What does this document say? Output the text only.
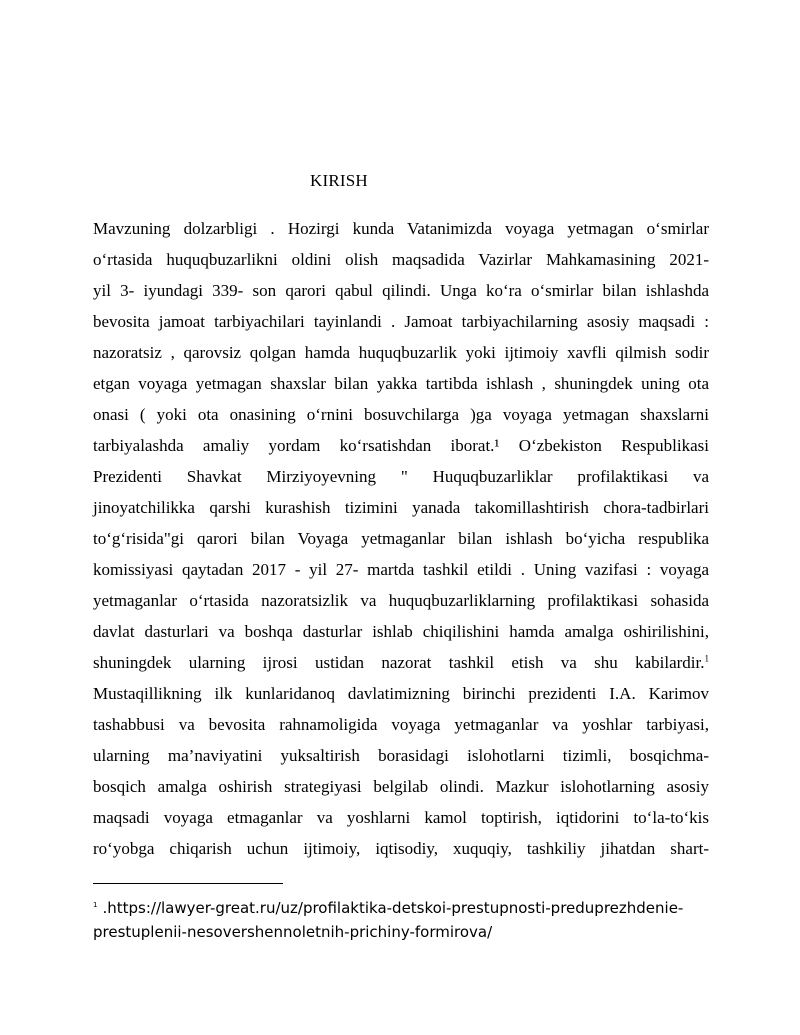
KIRISH
Mavzuning dolzarbligi . Hozirgi kunda Vatanimizda voyaga yetmagan o‘smirlar
o‘rtasida huquqbuzarlikni oldini olish maqsadida Vazirlar Mahkamasining 2021-
yil 3- iyundagi 339- son qarori qabul qilindi. Unga ko‘ra o‘smirlar bilan ishlashda
bevosita jamoat tarbiyachilari tayinlandi . Jamoat tarbiyachilarning asosiy maqsadi :
nazoratsiz , qarovsiz qolgan hamda huquqbuzarlik yoki ijtimoiy xavfli qilmish sodir
etgan voyaga yetmagan shaxslar bilan yakka tartibda ishlash , shuningdek uning ota
onasi ( yoki ota onasining o‘rnini bosuvchilarga )ga voyaga yetmagan shaxslarni
tarbiyalashda amaliy yordam ko‘rsatishdan iborat.¹ O‘zbekiston Respublikasi
Prezidenti Shavkat Mirziyoyevning " Huquqbuzarliklar profilaktikasi va
jinoyatchilikka qarshi kurashish tizimini yanada takomillashtirish chora-tadbirlari
to‘g‘risida"gi qarori bilan Voyaga yetmaganlar bilan ishlash bo‘yicha respublika
komissiyasi qaytadan 2017 - yil 27- martda tashkil etildi . Uning vazifasi : voyaga
yetmaganlar o‘rtasida nazoratsizlik va huquqbuzarliklarning profilaktikasi sohasida
davlat dasturlari va boshqa dasturlar ishlab chiqilishini hamda amalga oshirilishini,
shuningdek ularning ijrosi ustidan nazorat tashkil etish va shu kabilardir.$^1$
Mustaqillikning ilk kunlaridanoq davlatimizning birinchi prezidenti I.A. Karimov
tashabbusi va bevosita rahnamoligida voyaga yetmaganlar va yoshlar tarbiyasi,
ularning ma’naviyatini yuksaltirish borasidagi islohotlarni tizimli, bosqichma-
bosqich amalga oshirish strategiyasi belgilab olindi. Mazkur islohotlarning asosiy
maqsadi voyaga etmaganlar va yoshlarni kamol toptirish, iqtidorini to‘la-to‘kis
ro‘yobga chiqarish uchun ijtimoiy, iqtisodiy, xuquqiy, tashkiliy jihatdan shart-
$^1$ .https://lawyer-great.ru/uz/profilaktika-detskoi-prestupnosti-preduprezhdenie-
prestuplenii-nesovershennoletnih-prichiny-formirova/
